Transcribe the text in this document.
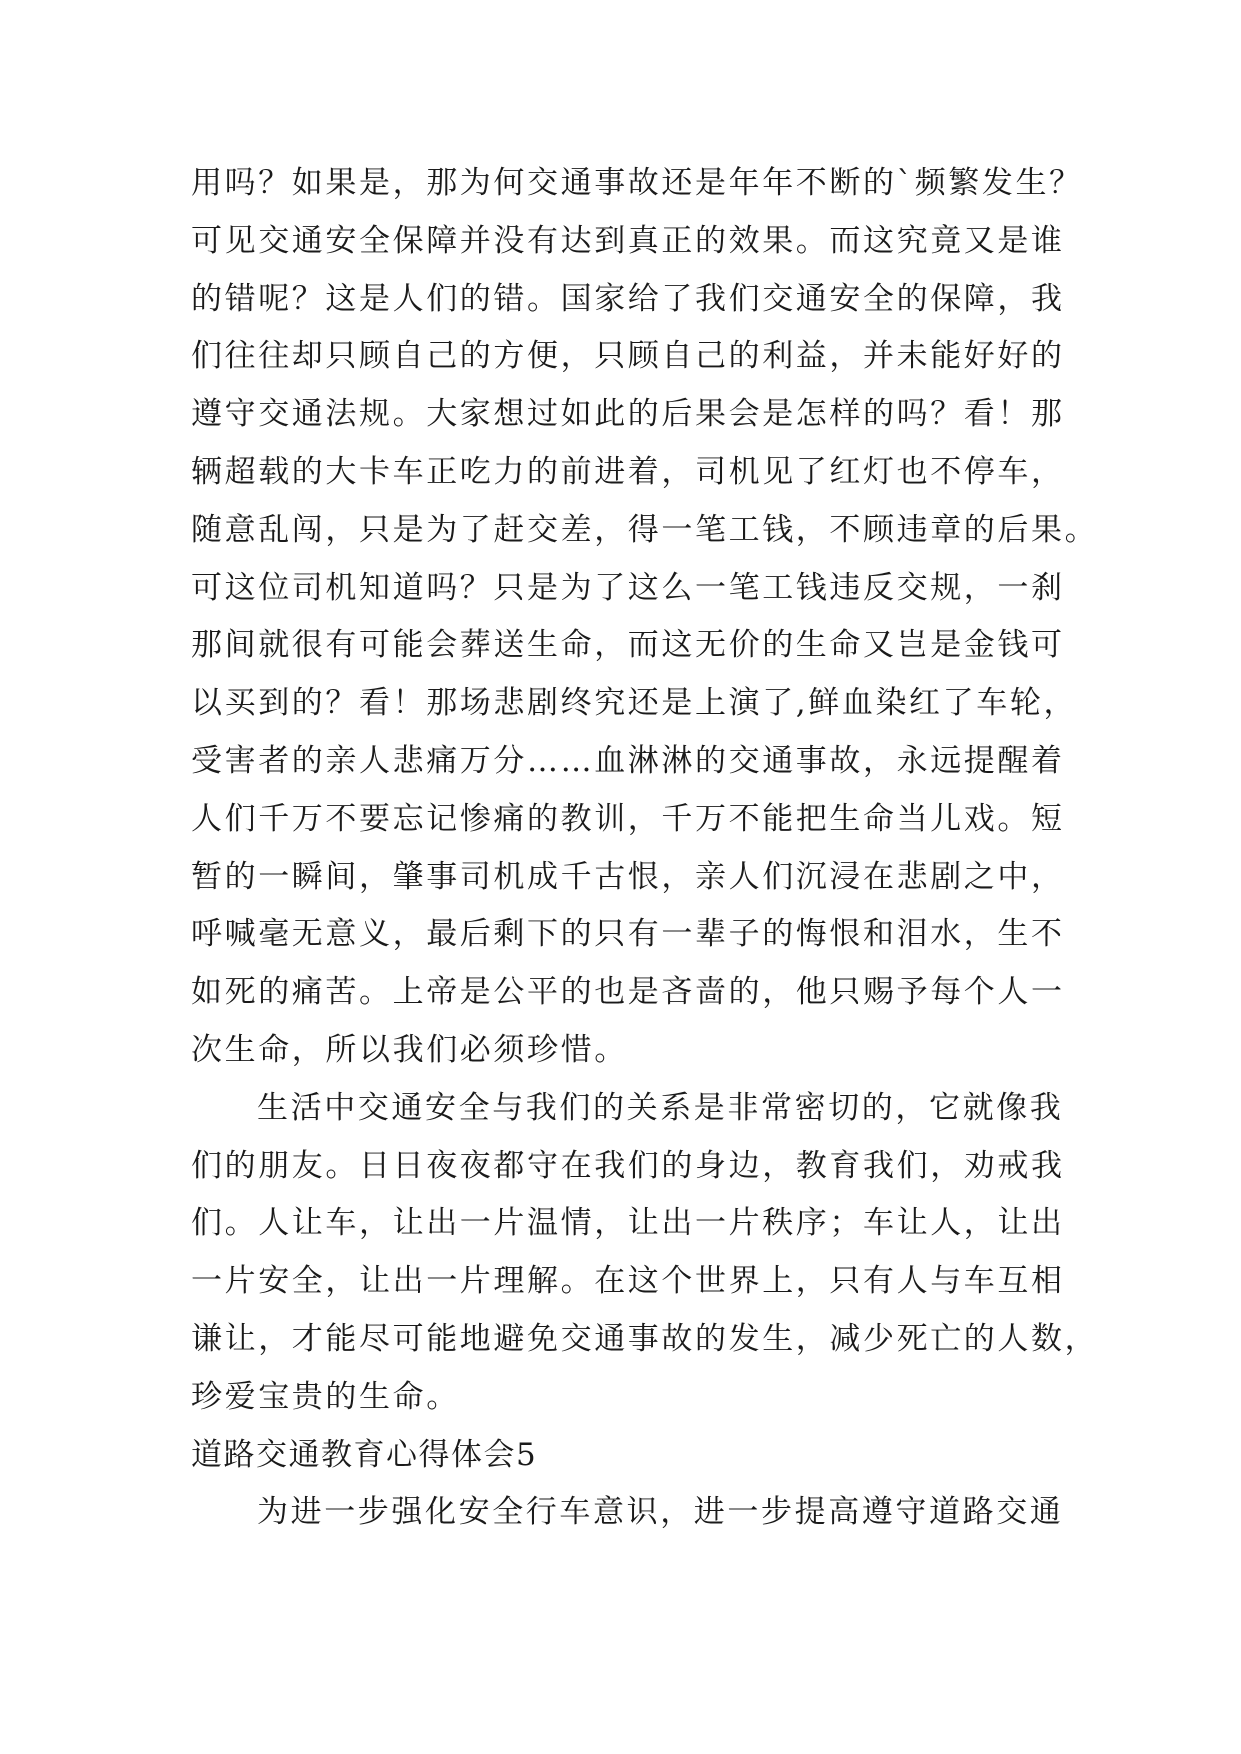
用吗？如果是，那为何交通事故还是年年不断的`频繁发生？
可见交通安全保障并没有达到真正的效果。而这究竟又是谁
的错呢？这是人们的错。国家给了我们交通安全的保障，我
们往往却只顾自己的方便，只顾自己的利益，并未能好好的
遵守交通法规。大家想过如此的后果会是怎样的吗？看！那
辆超载的大卡车正吃力的前进着，司机见了红灯也不停车，
随意乱闯，只是为了赶交差，得一笔工钱，不顾违章的后果。
可这位司机知道吗？只是为了这么一笔工钱违反交规，一刹
那间就很有可能会葬送生命，而这无价的生命又岂是金钱可
以买到的？看！那场悲剧终究还是上演了,鲜血染红了车轮，
受害者的亲人悲痛万分……血淋淋的交通事故，永远提醒着
人们千万不要忘记惨痛的教训，千万不能把生命当儿戏。短
暂的一瞬间，肇事司机成千古恨，亲人们沉浸在悲剧之中，
呼喊毫无意义，最后剩下的只有一辈子的悔恨和泪水，生不
如死的痛苦。上帝是公平的也是吝啬的，他只赐予每个人一
次生命，所以我们必须珍惜。
生活中交通安全与我们的关系是非常密切的，它就像我
们的朋友。日日夜夜都守在我们的身边，教育我们，劝戒我
们。人让车，让出一片温情，让出一片秩序；车让人，让出
一片安全，让出一片理解。在这个世界上，只有人与车互相
谦让，才能尽可能地避免交通事故的发生，减少死亡的人数，
珍爱宝贵的生命。
道路交通教育心得体会5
为进一步强化安全行车意识，进一步提高遵守道路交通
